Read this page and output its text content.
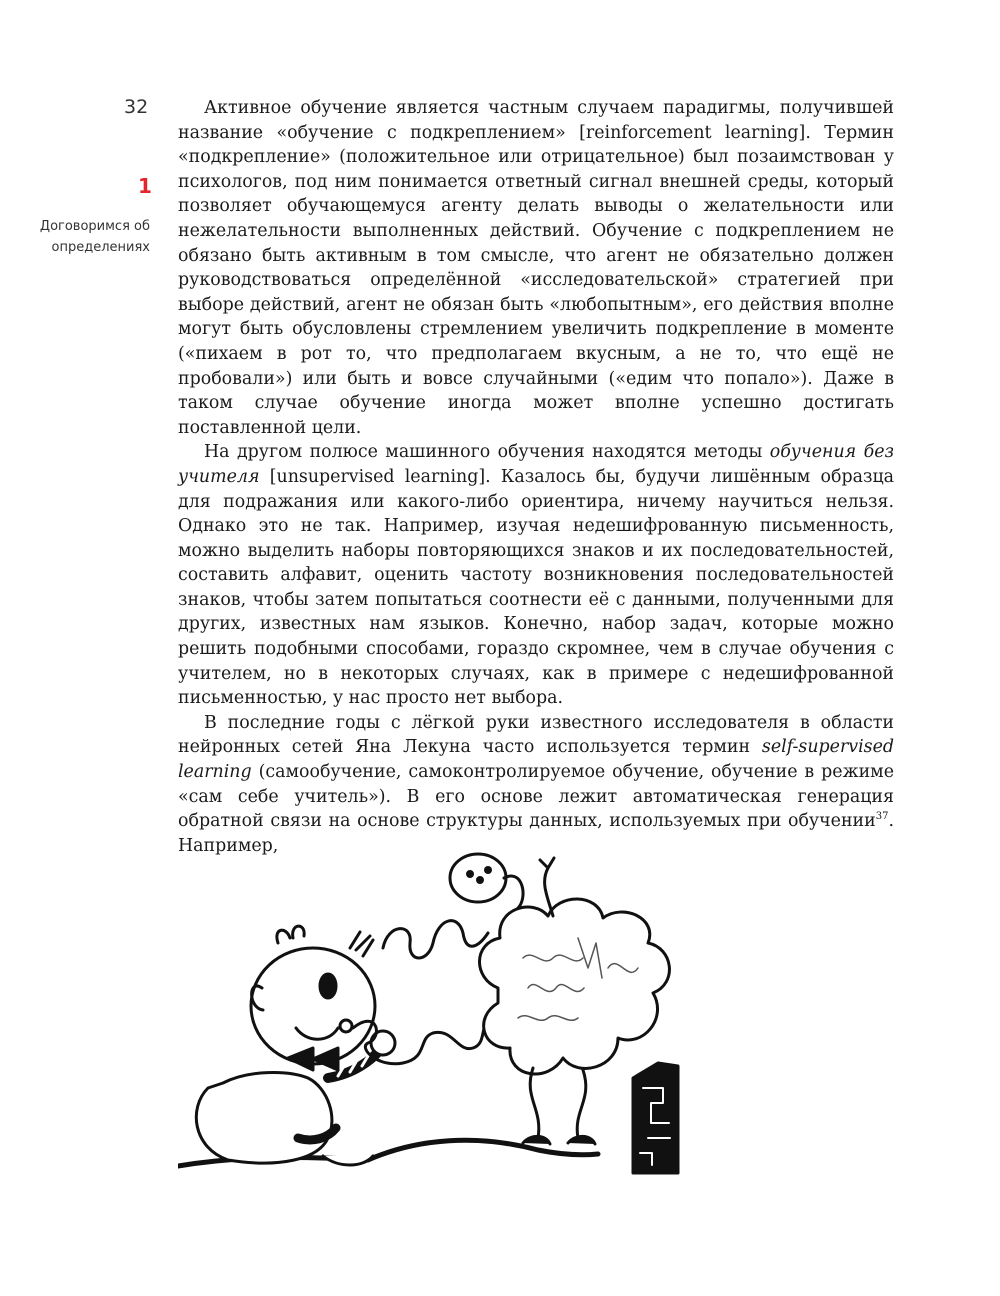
32
1
Договоримся об
определениях

Активное обучение является частным случаем парадигмы, получившей название «обучение с подкреплением» [reinforcement learning]. Термин «подкрепление» (положительное или отрицательное) был позаимствован у психологов, под ним понимается ответный сигнал внешней среды, который позволяет обучающемуся агенту делать выводы о желательности или нежелательности выполненных действий. Обучение с подкреплением не обязано быть активным в том смысле, что агент не обязательно должен руководствоваться определённой «исследовательской» стратегией при выборе действий, агент не обязан быть «любопытным», его действия вполне могут быть обусловлены стремлением увеличить подкрепление в моменте («пихаем в рот то, что предполагаем вкусным, а не то, что ещё не пробовали») или быть и вовсе случайными («едим что попало»). Даже в таком случае обучение иногда может вполне успешно достигать поставленной цели.

На другом полюсе машинного обучения находятся методы обучения без учителя [unsupervised learning]. Казалось бы, будучи лишённым образца для подражания или какого-либо ориентира, ничему научиться нельзя. Однако это не так. Например, изучая недешифрованную письменность, можно выделить наборы повторяющихся знаков и их последовательностей, составить алфавит, оценить частоту возникновения последовательностей знаков, чтобы затем попытаться соотнести её с данными, полученными для других, известных нам языков. Конечно, набор задач, которые можно решить подобными способами, гораздо скромнее, чем в случае обучения с учителем, но в некоторых случаях, как в примере с недешифрованной письменностью, у нас просто нет выбора.

В последние годы с лёгкой руки известного исследователя в области нейронных сетей Яна Лекуна часто используется термин self-supervised learning (самообучение, самоконтролируемое обучение, обучение в режиме «сам себе учитель»). В его основе лежит автоматическая генерация обратной связи на основе структуры данных, используемых при обучении$^{37}$. Например,
